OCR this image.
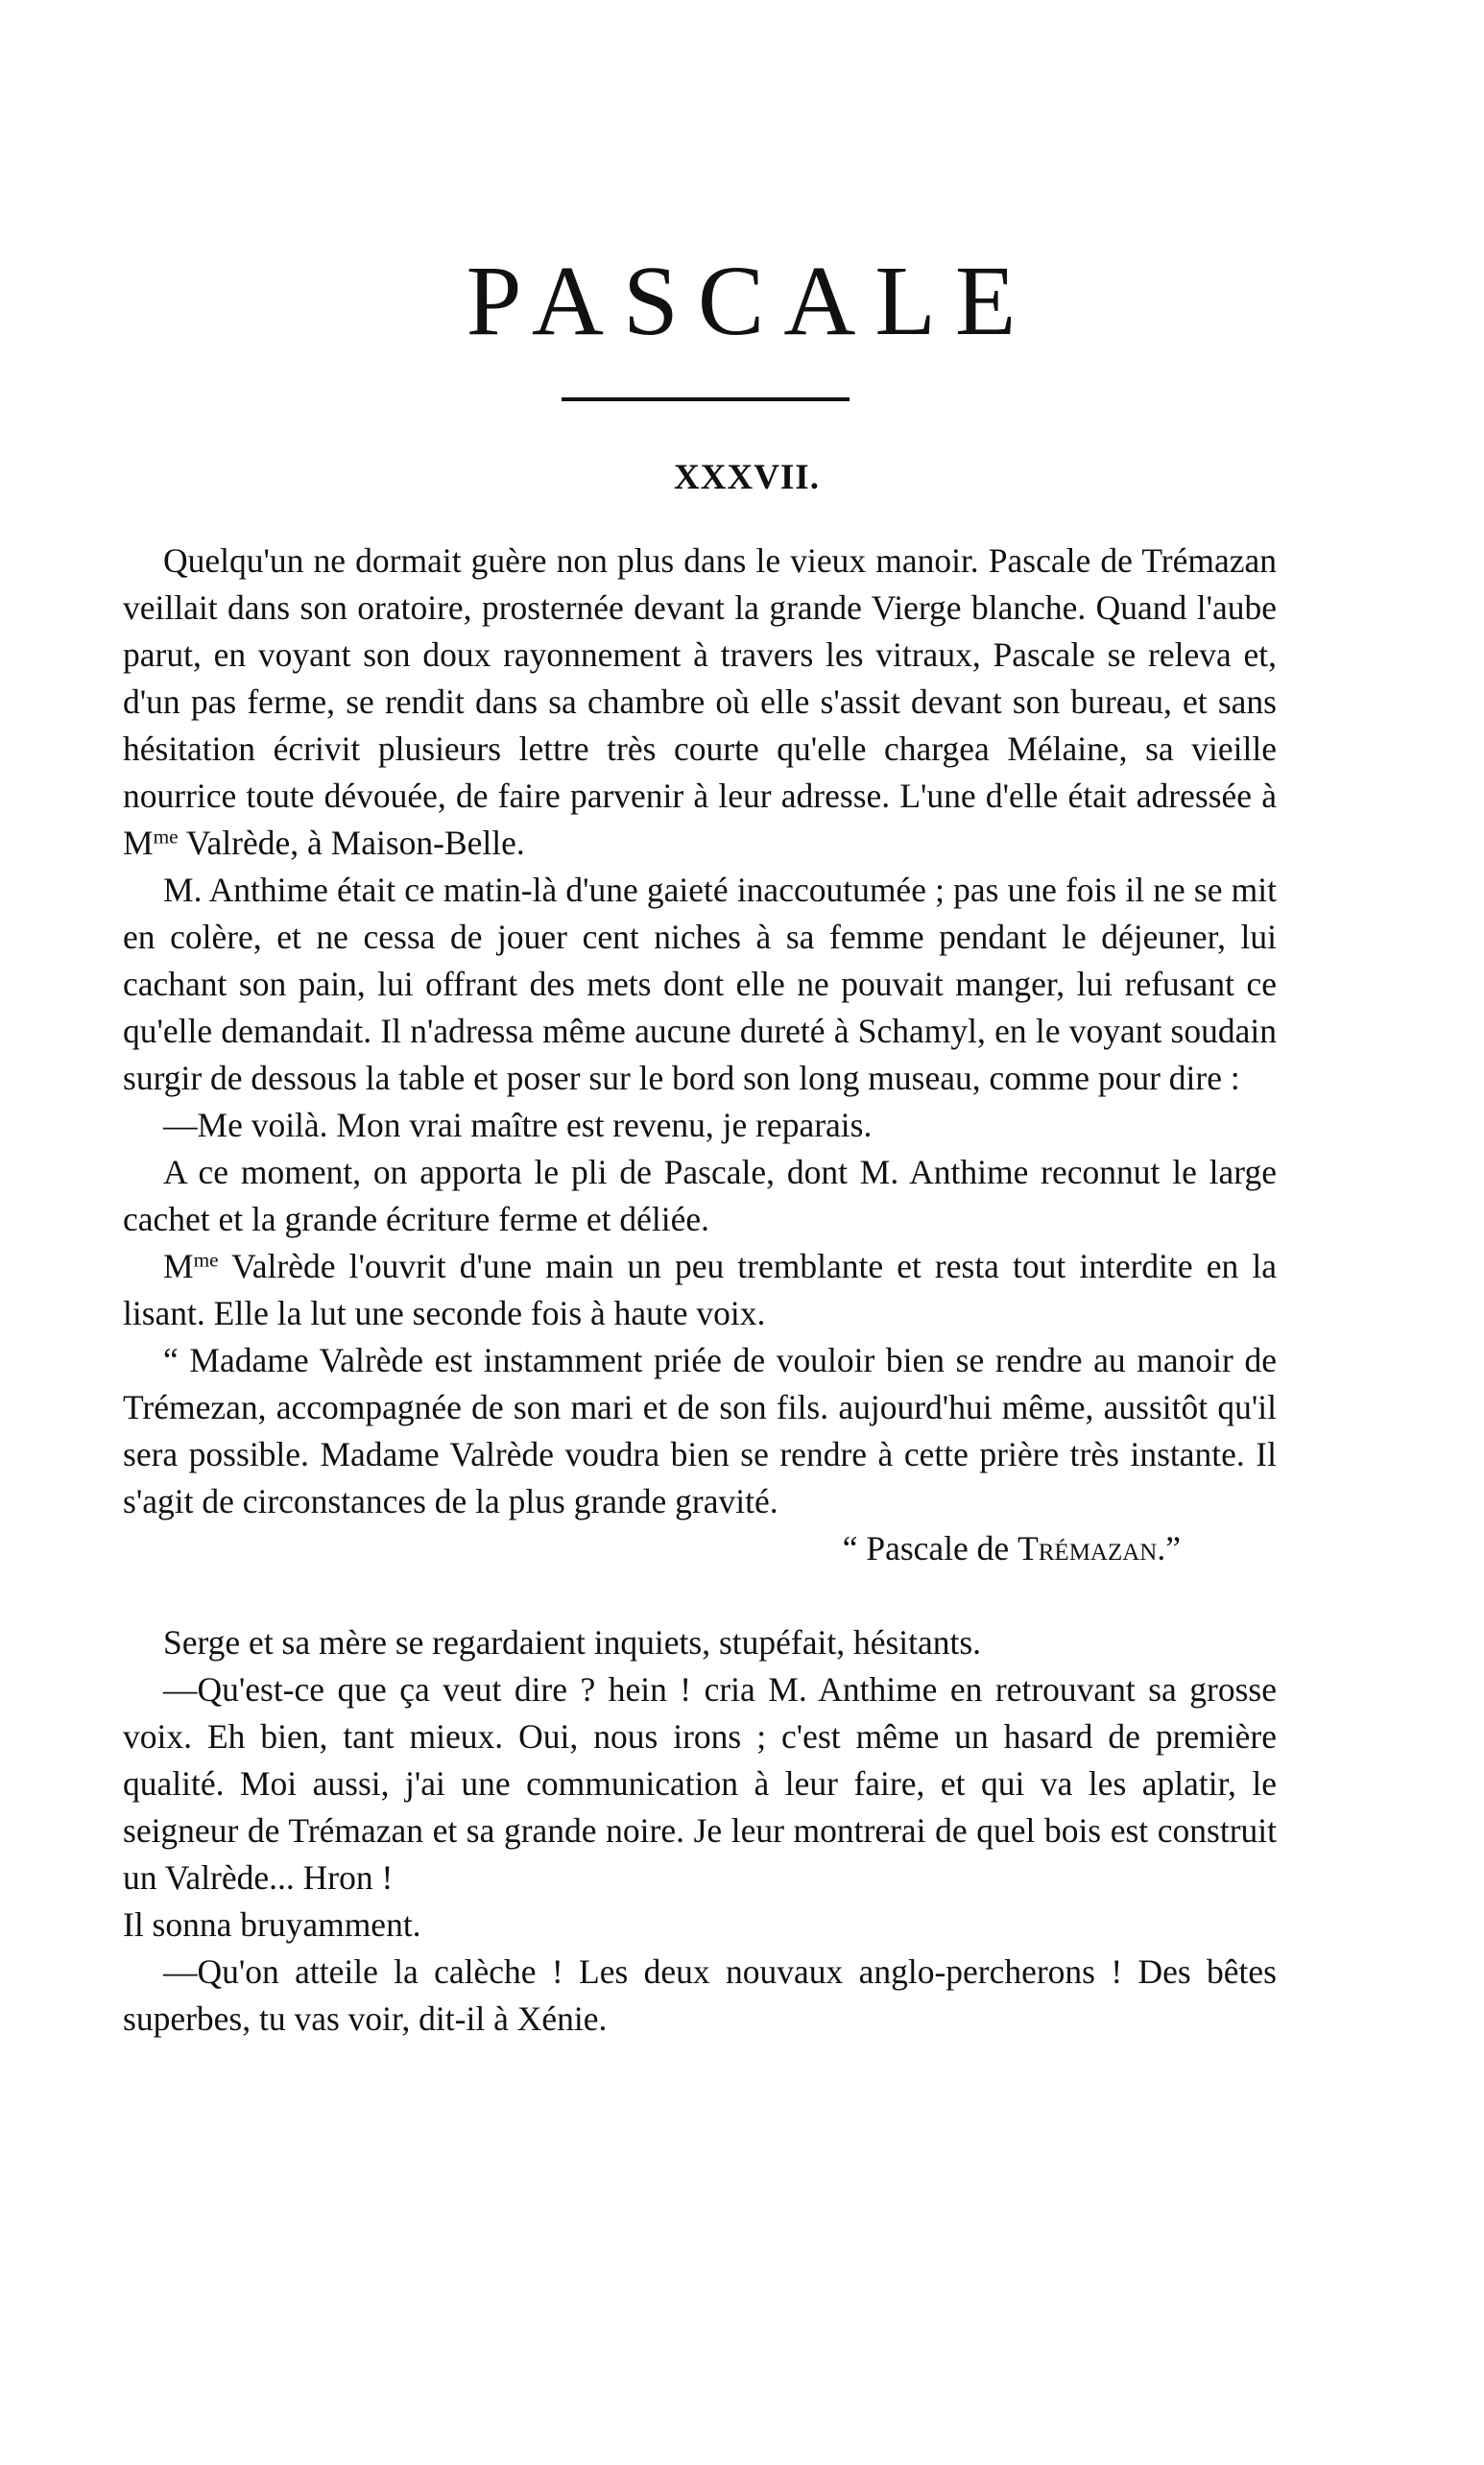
PASCALE
XXXVII.

Quelqu'un ne dormait guère non plus dans le vieux manoir. Pascale de Trémazan veillait dans son oratoire, prosternée devant la grande Vierge blanche. Quand l'aube parut, en voyant son doux rayonnement à travers les vitraux, Pascale se releva et, d'un pas ferme, se rendit dans sa chambre où elle s'assit devant son bureau, et sans hésitation écrivit plusieurs lettre très courte qu'elle chargea Mélaine, sa vieille nourrice toute dévouée, de faire parvenir à leur adresse. L'une d'elle était adressée à $M^{me}$ Valrède, à Maison-Belle.

M. Anthime était ce matin-là d'une gaieté inaccoutumée ; pas une fois il ne se mit en colère, et ne cessa de jouer cent niches à sa femme pendant le déjeuner, lui cachant son pain, lui offrant des mets dont elle ne pouvait manger, lui refusant ce qu'elle demandait. Il n'adressa même aucune dureté à Schamyl, en le voyant soudain surgir de dessous la table et poser sur le bord son long museau, comme pour dire :

—Me voilà. Mon vrai maître est revenu, je reparais.

A ce moment, on apporta le pli de Pascale, dont M. Anthime reconnut le large cachet et la grande écriture ferme et déliée.

$M^{me}$ Valrède l'ouvrit d'une main un peu tremblante et resta tout interdite en la lisant. Elle la lut une seconde fois à haute voix.

“ Madame Valrède est instamment priée de vouloir bien se rendre au manoir de Trémezan, accompagnée de son mari et de son fils. aujourd'hui même, aussitôt qu'il sera possible. Madame Valrède voudra bien se rendre à cette prière très instante. Il s'agit de circonstances de la plus grande gravité.

“ Pascale de Trémazan.”

Serge et sa mère se regardaient inquiets, stupéfait, hésitants.

—Qu'est-ce que ça veut dire ? hein ! cria M. Anthime en retrouvant sa grosse voix. Eh bien, tant mieux. Oui, nous irons ; c'est même un hasard de première qualité. Moi aussi, j'ai une communication à leur faire, et qui va les aplatir, le seigneur de Trémazan et sa grande noire. Je leur montrerai de quel bois est construit un Valrède... Hron !

Il sonna bruyamment.

—Qu'on atteile la calèche ! Les deux nouvaux anglo-percherons ! Des bêtes superbes, tu vas voir, dit-il à Xénie.
